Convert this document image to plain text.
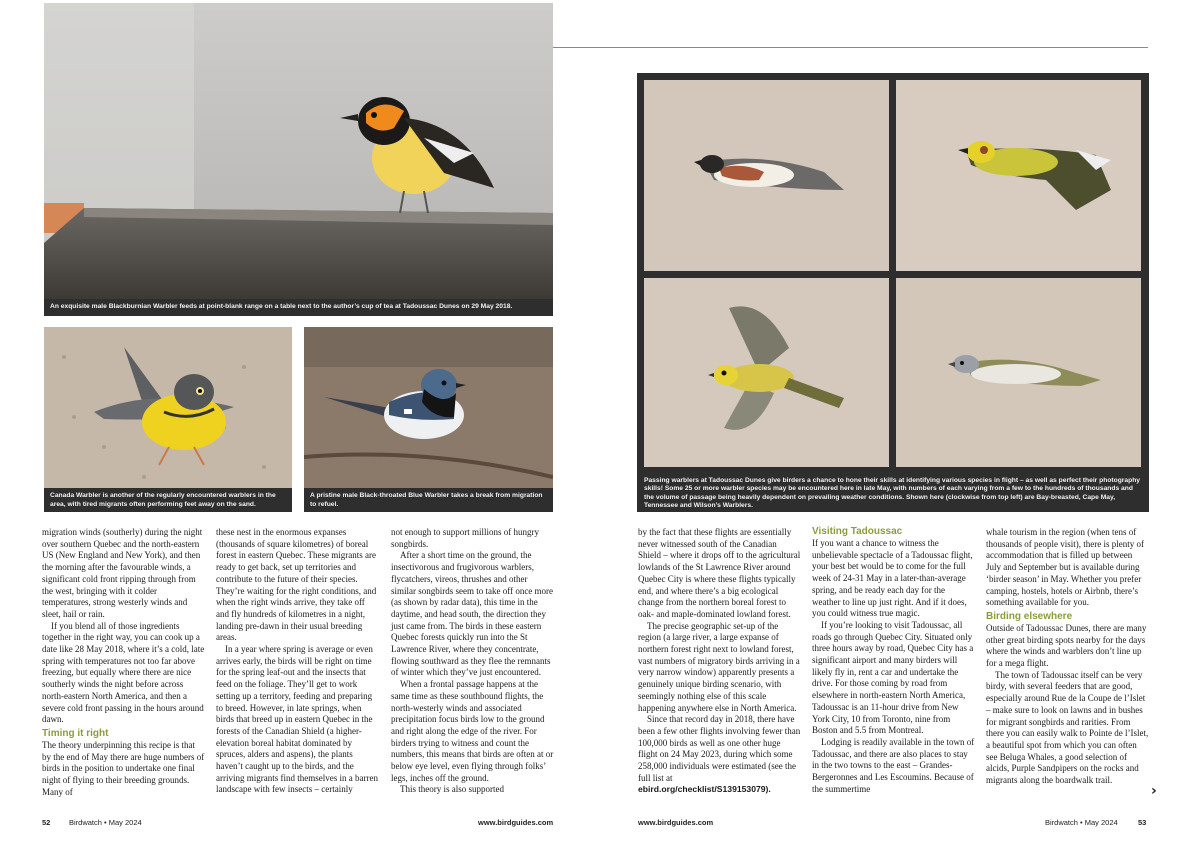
An exquisite male Blackburnian Warbler feeds at point-blank range on a table next to the author’s cup of tea at Tadoussac Dunes on 29 May 2018.
Canada Warbler is another of the regularly encountered warblers in the area, with tired migrants often performing feet away on the sand.
A pristine male Black-throated Blue Warbler takes a break from migration to refuel.
Passing warblers at Tadoussac Dunes give birders a chance to hone their skills at identifying various species in flight – as well as perfect their photography skills! Some 25 or more warbler species may be encountered here in late May, with numbers of each varying from a few to the hundreds of thousands and the volume of passage being heavily dependent on prevailing weather conditions. Shown here (clockwise from top left) are Bay-breasted, Cape May, Tennessee and Wilson’s Warblers.

migration winds (southerly) during the night over southern Quebec and the north-eastern US (New England and New York), and then the morning after the favourable winds, a significant cold front ripping through from the west, bringing with it colder temperatures, strong westerly winds and sleet, hail or rain.

If you blend all of those ingredients together in the right way, you can cook up a date like 28 May 2018, where it’s a cold, late spring with temperatures not too far above freezing, but equally where there are nice southerly winds the night before across north-eastern North America, and then a severe cold front passing in the hours around dawn.

Timing it right

The theory underpinning this recipe is that by the end of May there are huge numbers of birds in the position to undertake one final night of flying to their breeding grounds. Many of

these nest in the enormous expanses (thousands of square kilometres) of boreal forest in eastern Quebec. These migrants are ready to get back, set up territories and contribute to the future of their species. They’re waiting for the right conditions, and when the right winds arrive, they take off and fly hundreds of kilometres in a night, landing pre-dawn in their usual breeding areas.

In a year where spring is average or even arrives early, the birds will be right on time for the spring leaf-out and the insects that feed on the foliage. They’ll get to work setting up a territory, feeding and preparing to breed. However, in late springs, when birds that breed up in eastern Quebec in the forests of the Canadian Shield (a higher-elevation boreal habitat dominated by spruces, alders and aspens), the plants haven’t caught up to the birds, and the arriving migrants find themselves in a barren landscape with few insects – certainly

not enough to support millions of hungry songbirds.

After a short time on the ground, the insectivorous and frugivorous warblers, flycatchers, vireos, thrushes and other similar songbirds seem to take off once more (as shown by radar data), this time in the daytime, and head south, the direction they just came from. The birds in these eastern Quebec forests quickly run into the St Lawrence River, where they concentrate, flowing southward as they flee the remnants of winter which they’ve just encountered.

When a frontal passage happens at the same time as these southbound flights, the north-westerly winds and associated precipitation focus birds low to the ground and right along the edge of the river. For birders trying to witness and count the numbers, this means that birds are often at or below eye level, even flying through folks’ legs, inches off the ground.

This theory is also supported

by the fact that these flights are essentially never witnessed south of the Canadian Shield – where it drops off to the agricultural lowlands of the St Lawrence River around Quebec City is where these flights typically end, and where there’s a big ecological change from the northern boreal forest to oak- and maple-dominated lowland forest.

The precise geographic set-up of the region (a large river, a large expanse of northern forest right next to lowland forest, vast numbers of migratory birds arriving in a very narrow window) apparently presents a genuinely unique birding scenario, with seemingly nothing else of this scale happening anywhere else in North America.

Since that record day in 2018, there have been a few other flights involving fewer than 100,000 birds as well as one other huge flight on 24 May 2023, during which some 258,000 individuals were estimated (see the full list at

ebird.org/checklist/S139153079).

Visiting Tadoussac

If you want a chance to witness the unbelievable spectacle of a Tadoussac flight, your best bet would be to come for the full week of 24-31 May in a later-than-average spring, and be ready each day for the weather to line up just right. And if it does, you could witness true magic.

If you’re looking to visit Tadoussac, all roads go through Quebec City. Situated only three hours away by road, Quebec City has a significant airport and many birders will likely fly in, rent a car and undertake the drive. For those coming by road from elsewhere in north-eastern North America, Tadoussac is an 11-hour drive from New York City, 10 from Toronto, nine from Boston and 5.5 from Montreal.

Lodging is readily available in the town of Tadoussac, and there are also places to stay in the two towns to the east – Grandes-Bergeronnes and Les Escoumins. Because of the summertime

whale tourism in the region (when tens of thousands of people visit), there is plenty of accommodation that is filled up between July and September but is available during ‘birder season’ in May. Whether you prefer camping, hostels, hotels or Airbnb, there’s something available for you.

Birding elsewhere

Outside of Tadoussac Dunes, there are many other great birding spots nearby for the days where the winds and warblers don’t line up for a mega flight.

The town of Tadoussac itself can be very birdy, with several feeders that are good, especially around Rue de la Coupe de l’Islet – make sure to look on lawns and in bushes for migrant songbirds and rarities. From there you can easily walk to Pointe de l’Islet, a beautiful spot from which you can often see Beluga Whales, a good selection of alcids, Purple Sandpipers on the rocks and migrants along the boardwalk trail.

›
52 Birdwatch • May 2024	www.birdguides.com	www.birdguides.com	Birdwatch • May 2024	53
